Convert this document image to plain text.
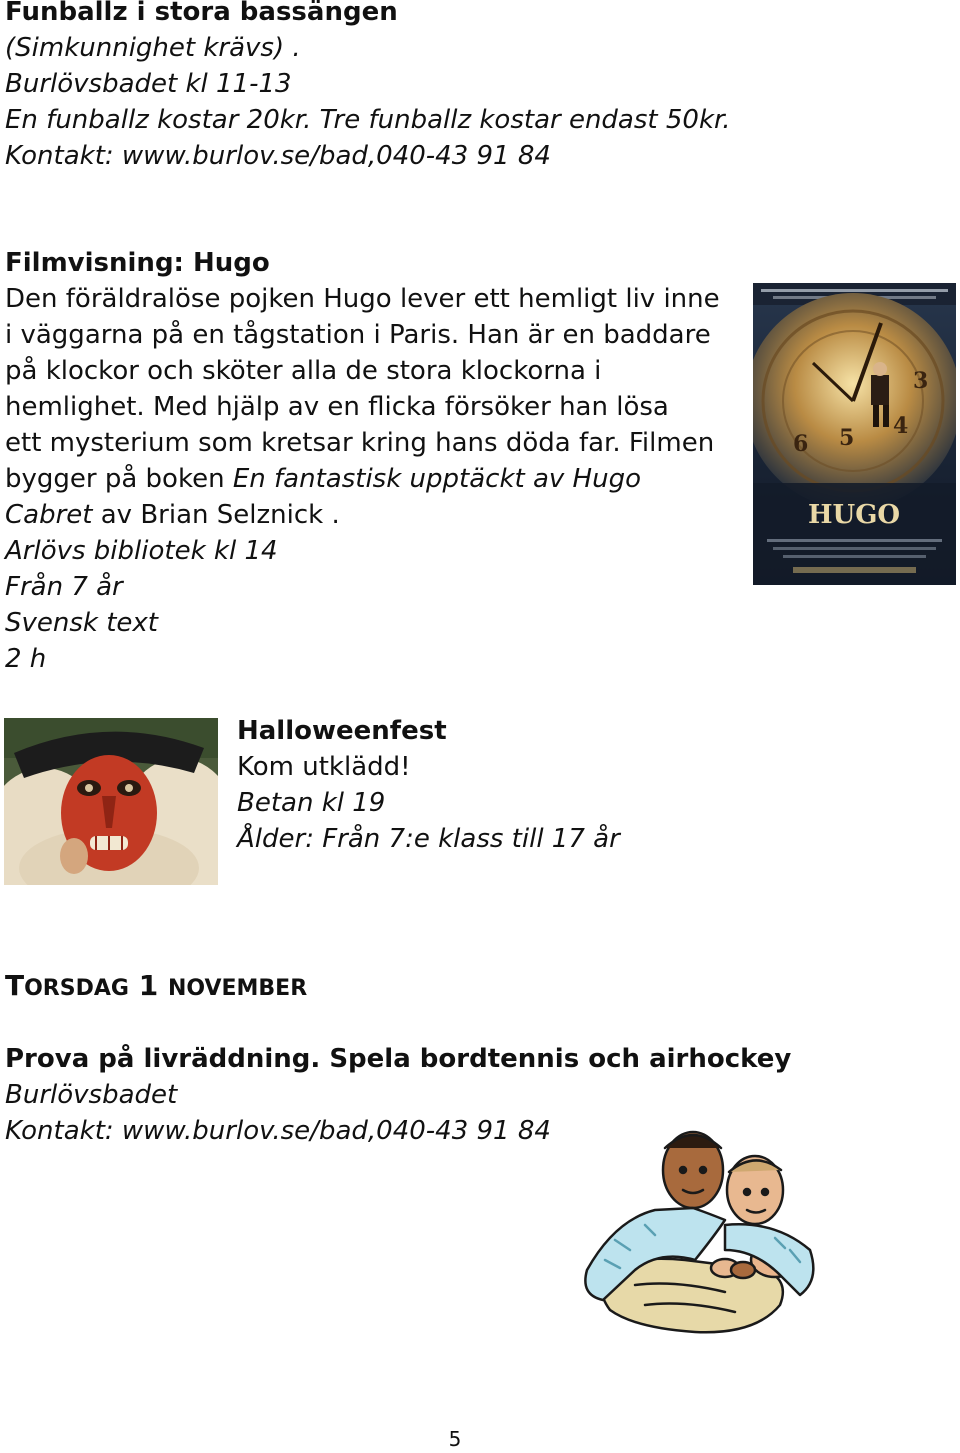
Funballz i stora bassängen
(Simkunnighet krävs) .
Burlövsbadet kl 11-13
En funballz kostar 20kr. Tre funballz kostar endast 50kr.
Kontakt: www.burlov.se/bad,040-43 91 84
Filmvisning: Hugo
Den föräldralöse pojken Hugo lever ett hemligt liv inne
i väggarna på en tågstation i Paris. Han är en baddare
på klockor och sköter alla de stora klockorna i
hemlighet. Med hjälp av en flicka försöker han lösa
ett mysterium som kretsar kring hans döda far. Filmen
bygger på boken En fantastisk upptäckt av Hugo
Cabret av Brian Selznick .
Arlövs bibliotek kl 14
Från 7 år
Svensk text
2 h
6 5 4
3
HUGO
Halloweenfest
Kom utklädd!
Betan kl 19
Ålder: Från 7:e klass till 17 år
TORSDAG 1 NOVEMBER
Prova på livräddning. Spela bordtennis och airhockey
Burlövsbadet
Kontakt: www.burlov.se/bad,040-43 91 84
5
